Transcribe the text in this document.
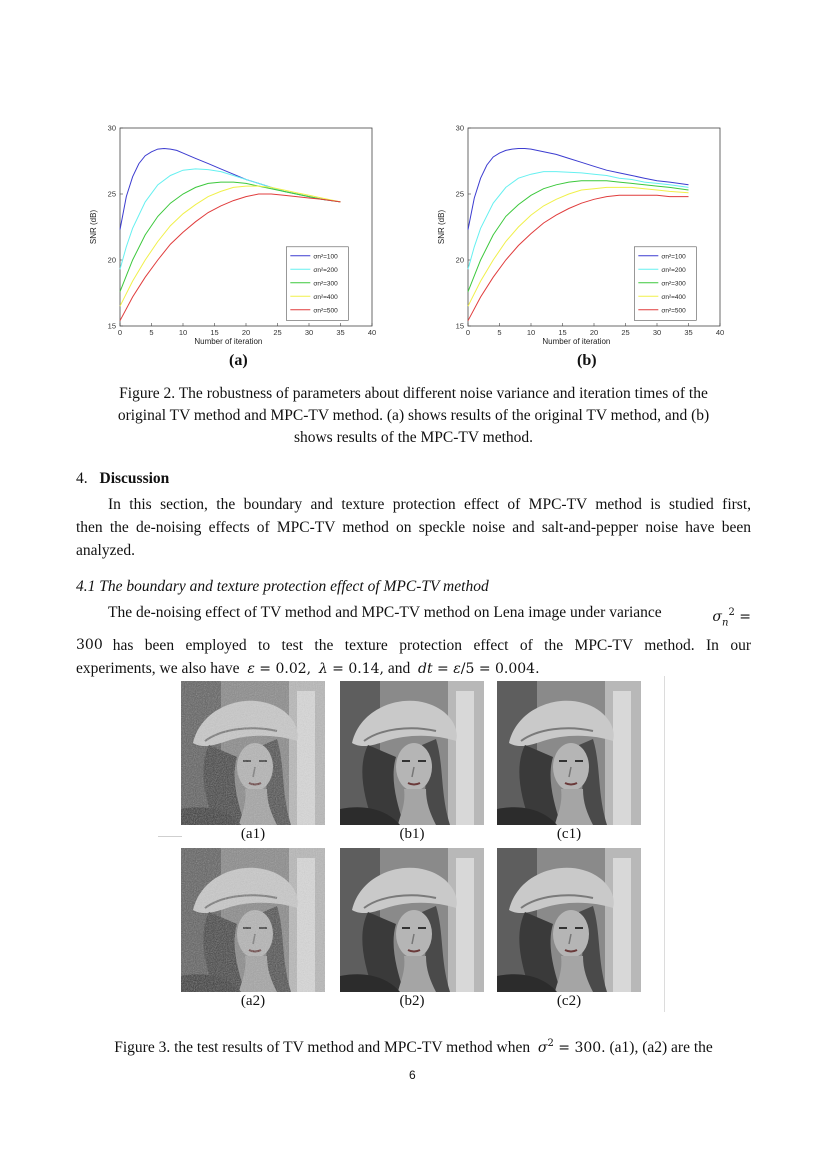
0	5	10	15	20	25	30	35	40
15
20
25
30
Number of iteration
SNR (dB)
σn²=100
σn²=200
σn²=300
σn²=400
σn²=500
0	5	10	15	20	25	30	35	40
15
20
25
30
Number of iteration
SNR (dB)
σn²=100
σn²=200
σn²=300
σn²=400
σn²=500
(a)	(b)
Figure 2. The robustness of parameters about different noise variance and iteration times of the
original TV method and MPC-TV method. (a) shows results of the original TV method, and (b)
shows results of the MPC-TV method.
4. Discussion
In this section, the boundary and texture protection effect of MPC-TV method is studied first,
then the de-noising effects of MPC-TV method on speckle noise and salt-and-pepper noise have been
analyzed.
4.1 The boundary and texture protection effect of MPC-TV method
The de-noising effect of TV method and MPC-TV method on Lena image under variance	$\sigma_n^2$ =
300 has been employed to test the texture protection effect of the MPC-TV method. In our
experiments, we also have ε = 0.02, λ = 0.14, and dt = ε/5 = 0.004.
(a1)	(b1)	(c1)
(a2)	(b2)	(c2)
Figure 3. the test results of TV method and MPC-TV method when $\sigma^2 = 300$. (a1), (a2) are the
6
